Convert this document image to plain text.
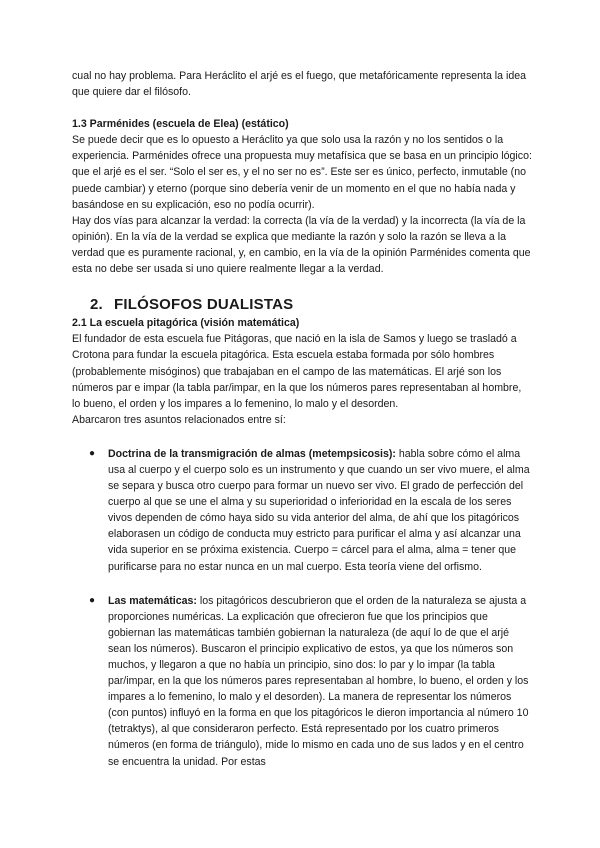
cual no hay problema. Para Heráclito el arjé es el fuego, que metafóricamente representa la idea que quiere dar el filósofo.

1.3 Parménides (escuela de Elea) (estático)

Se puede decir que es lo opuesto a Heráclito ya que solo usa la razón y no los sentidos o la experiencia. Parménides ofrece una propuesta muy metafísica que se basa en un principio lógico: que el arjé es el ser. “Solo el ser es, y el no ser no es”. Este ser es único, perfecto, inmutable (no puede cambiar) y eterno (porque sino debería venir de un momento en el que no había nada y basándose en su explicación, eso no podía ocurrir).

Hay dos vías para alcanzar la verdad: la correcta (la vía de la verdad) y la incorrecta (la vía de la opinión). En la vía de la verdad se explica que mediante la razón y solo la razón se lleva a la verdad que es puramente racional, y, en cambio, en la vía de la opinión Parménides comenta que esta no debe ser usada si uno quiere realmente llegar a la verdad.

2. FILÓSOFOS DUALISTAS

2.1 La escuela pitagórica (visión matemática)

El fundador de esta escuela fue Pitágoras, que nació en la isla de Samos y luego se trasladó a Crotona para fundar la escuela pitagórica. Esta escuela estaba formada por sólo hombres (probablemente misóginos) que trabajaban en el campo de las matemáticas. El arjé son los números par e impar (la tabla par/impar, en la que los números pares representaban al hombre, lo bueno, el orden y los impares a lo femenino, lo malo y el desorden.

Abarcaron tres asuntos relacionados entre sí:

● Doctrina de la transmigración de almas (metempsicosis): habla sobre cómo el alma usa al cuerpo y el cuerpo solo es un instrumento y que cuando un ser vivo muere, el alma se separa y busca otro cuerpo para formar un nuevo ser vivo. El grado de perfección del cuerpo al que se une el alma y su superioridad o inferioridad en la escala de los seres vivos dependen de cómo haya sido su vida anterior del alma, de ahí que los pitagóricos elaborasen un código de conducta muy estricto para purificar el alma y así alcanzar una vida superior en se próxima existencia. Cuerpo = cárcel para el alma, alma = tener que purificarse para no estar nunca en un mal cuerpo. Esta teoría viene del orfismo.
● Las matemáticas: los pitagóricos descubrieron que el orden de la naturaleza se ajusta a proporciones numéricas. La explicación que ofrecieron fue que los principios que gobiernan las matemáticas también gobiernan la naturaleza (de aquí lo de que el arjé sean los números). Buscaron el principio explicativo de estos, ya que los números son muchos, y llegaron a que no había un principio, sino dos: lo par y lo impar (la tabla par/impar, en la que los números pares representaban al hombre, lo bueno, el orden y los impares a lo femenino, lo malo y el desorden). La manera de representar los números (con puntos) influyó en la forma en que los pitagóricos le dieron importancia al número 10 (tetraktys), al que consideraron perfecto. Está representado por los cuatro primeros números (en forma de triángulo), mide lo mismo en cada uno de sus lados y en el centro se encuentra la unidad. Por estas
